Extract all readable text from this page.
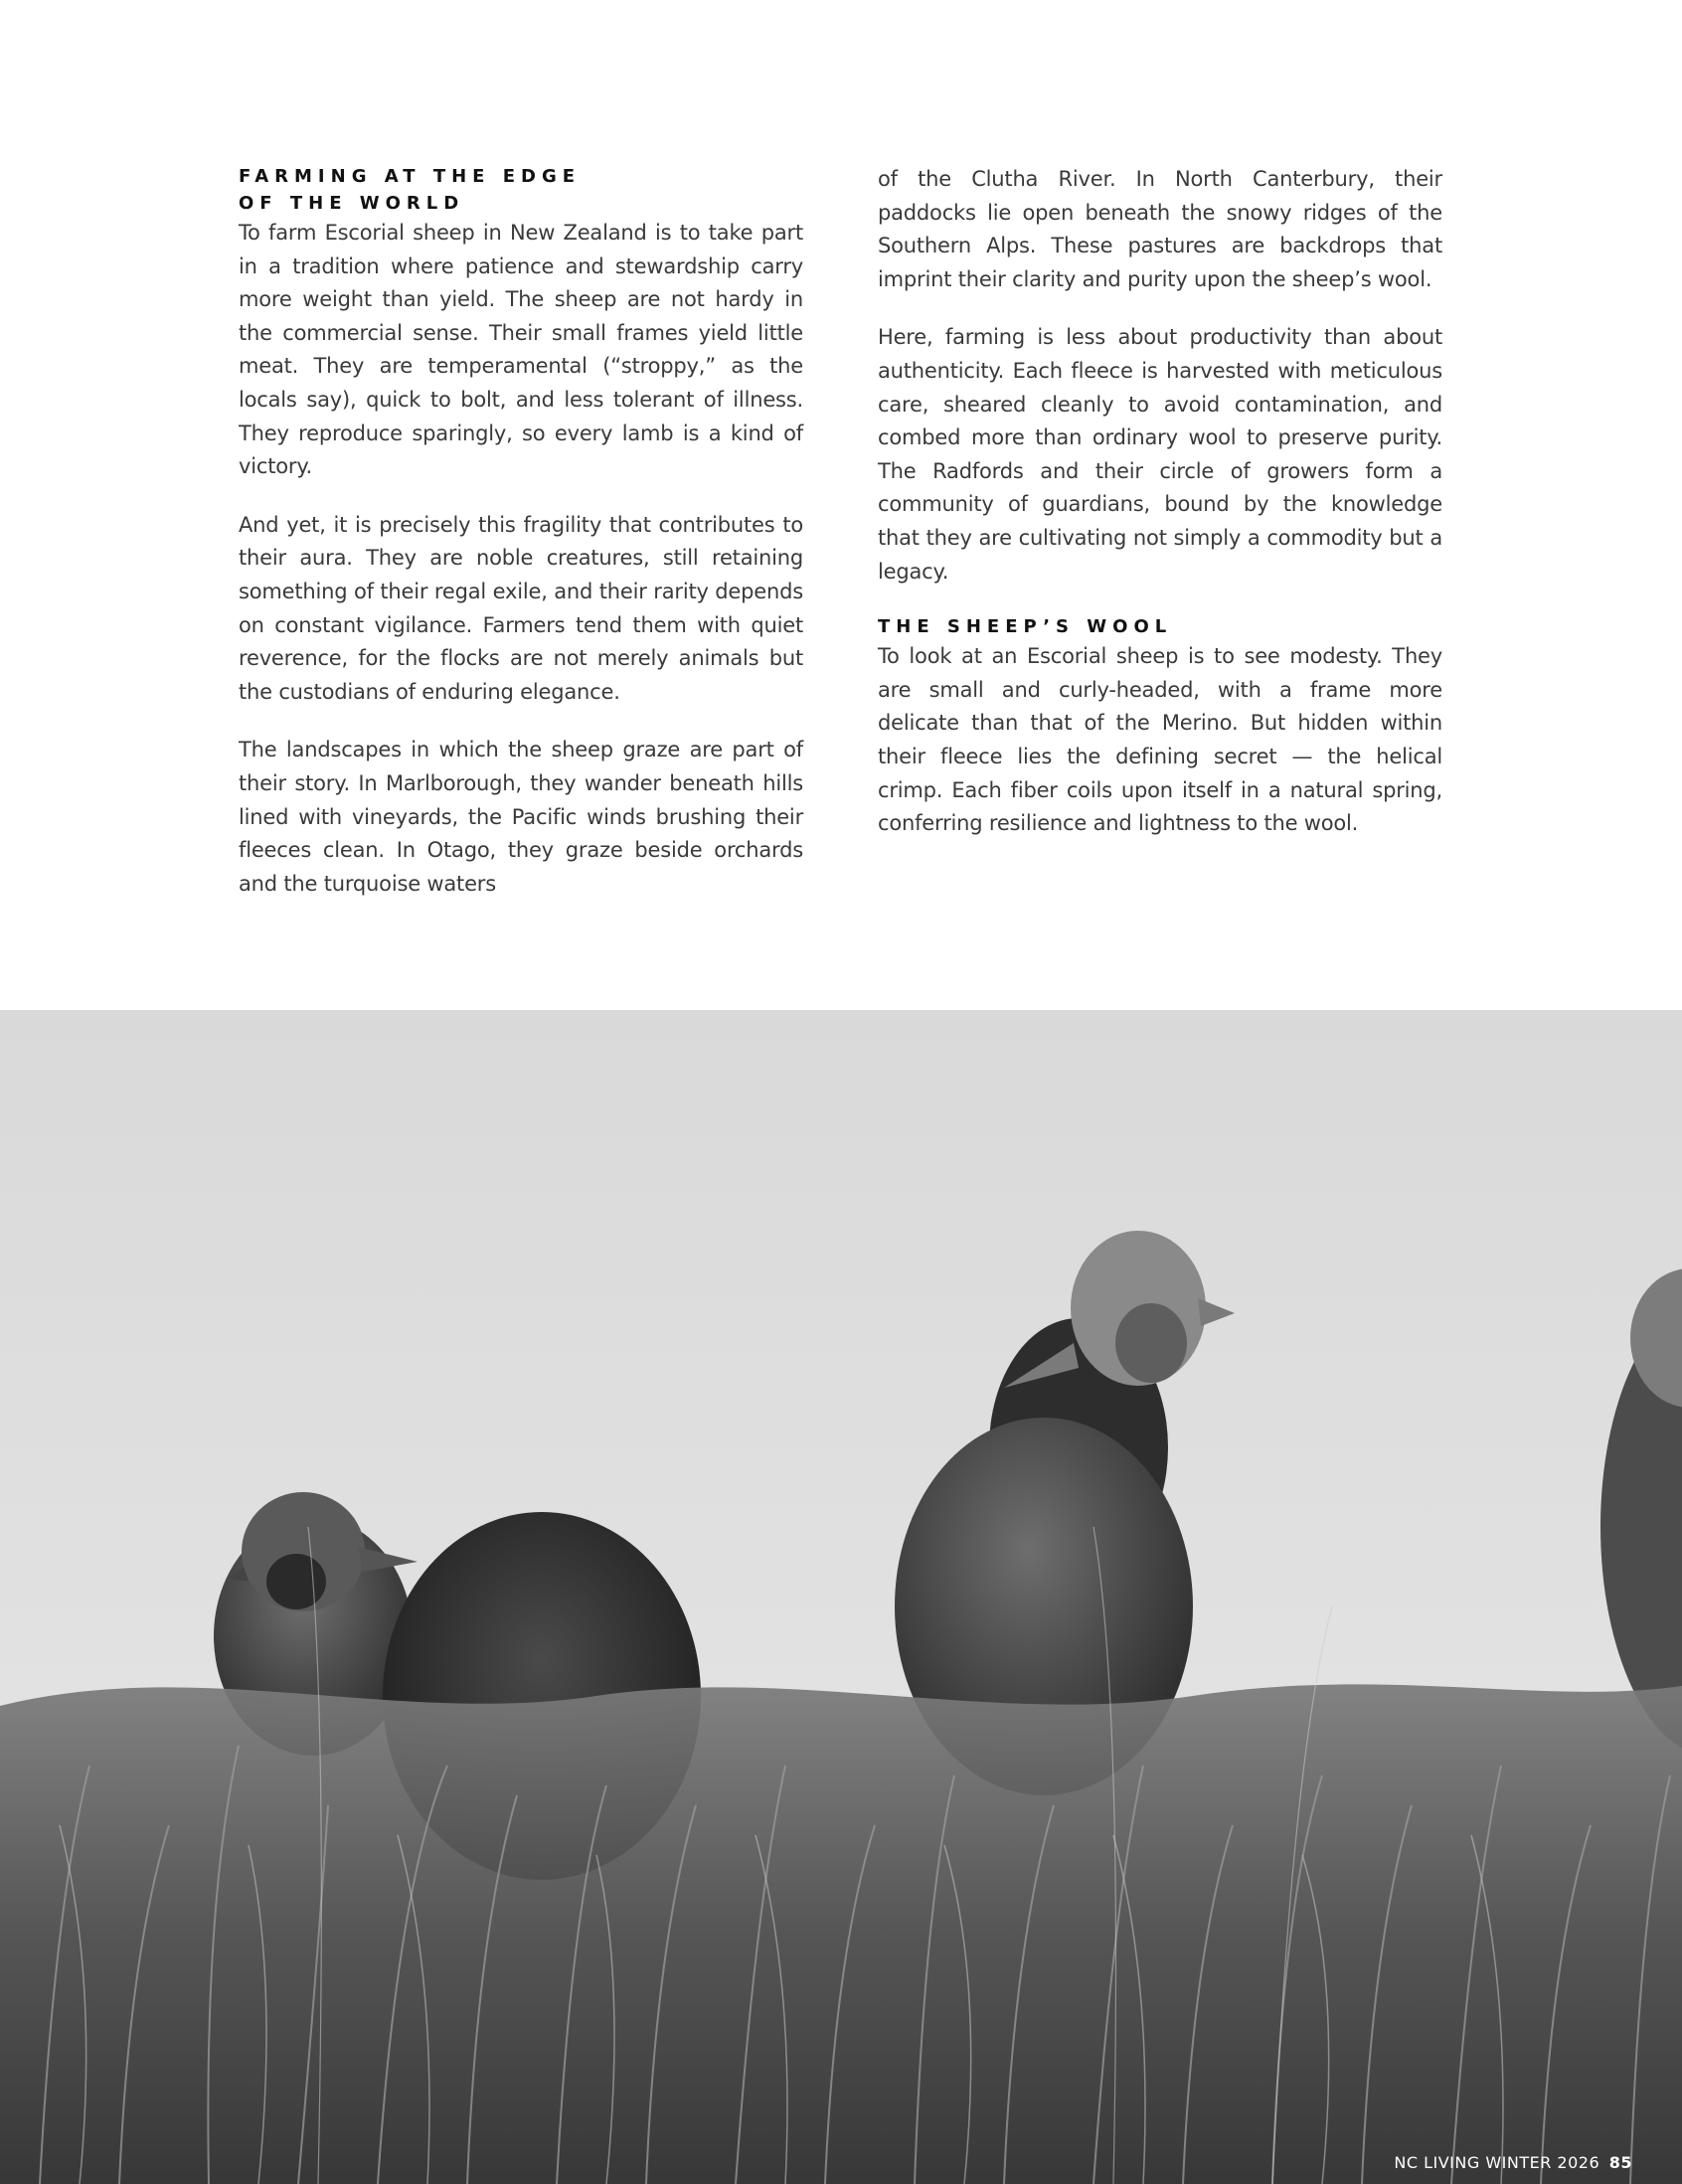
FARMING AT THE EDGE
OF THE WORLD

To farm Escorial sheep in New Zealand is to take part in a tradition where patience and stewardship carry more weight than yield. The sheep are not hardy in the commercial sense. Their small frames yield little meat. They are temperamental (“stroppy,” as the locals say), quick to bolt, and less tolerant of illness. They reproduce sparingly, so every lamb is a kind of victory.

And yet, it is precisely this fragility that contributes to their aura. They are noble creatures, still retaining something of their regal exile, and their rarity depends on constant vigilance. Farmers tend them with quiet reverence, for the flocks are not merely animals but the custodians of enduring elegance.

The landscapes in which the sheep graze are part of their story. In Marlborough, they wander beneath hills lined with vineyards, the Pacific winds brushing their fleeces clean. In Otago, they graze beside orchards and the turquoise waters

of the Clutha River. In North Canterbury, their paddocks lie open beneath the snowy ridges of the Southern Alps. These pastures are backdrops that imprint their clarity and purity upon the sheep’s wool.

Here, farming is less about productivity than about authenticity. Each fleece is harvested with meticulous care, sheared cleanly to avoid contamination, and combed more than ordinary wool to preserve purity. The Radfords and their circle of growers form a community of guardians, bound by the knowledge that they are cultivating not simply a commodity but a legacy.

THE SHEEP’S WOOL

To look at an Escorial sheep is to see modesty. They are small and curly-headed, with a frame more delicate than that of the Merino. But hidden within their fleece lies the defining secret — the helical crimp. Each fiber coils upon itself in a natural spring, conferring resilience and lightness to the wool.

NC LIVING WINTER 2026 85
